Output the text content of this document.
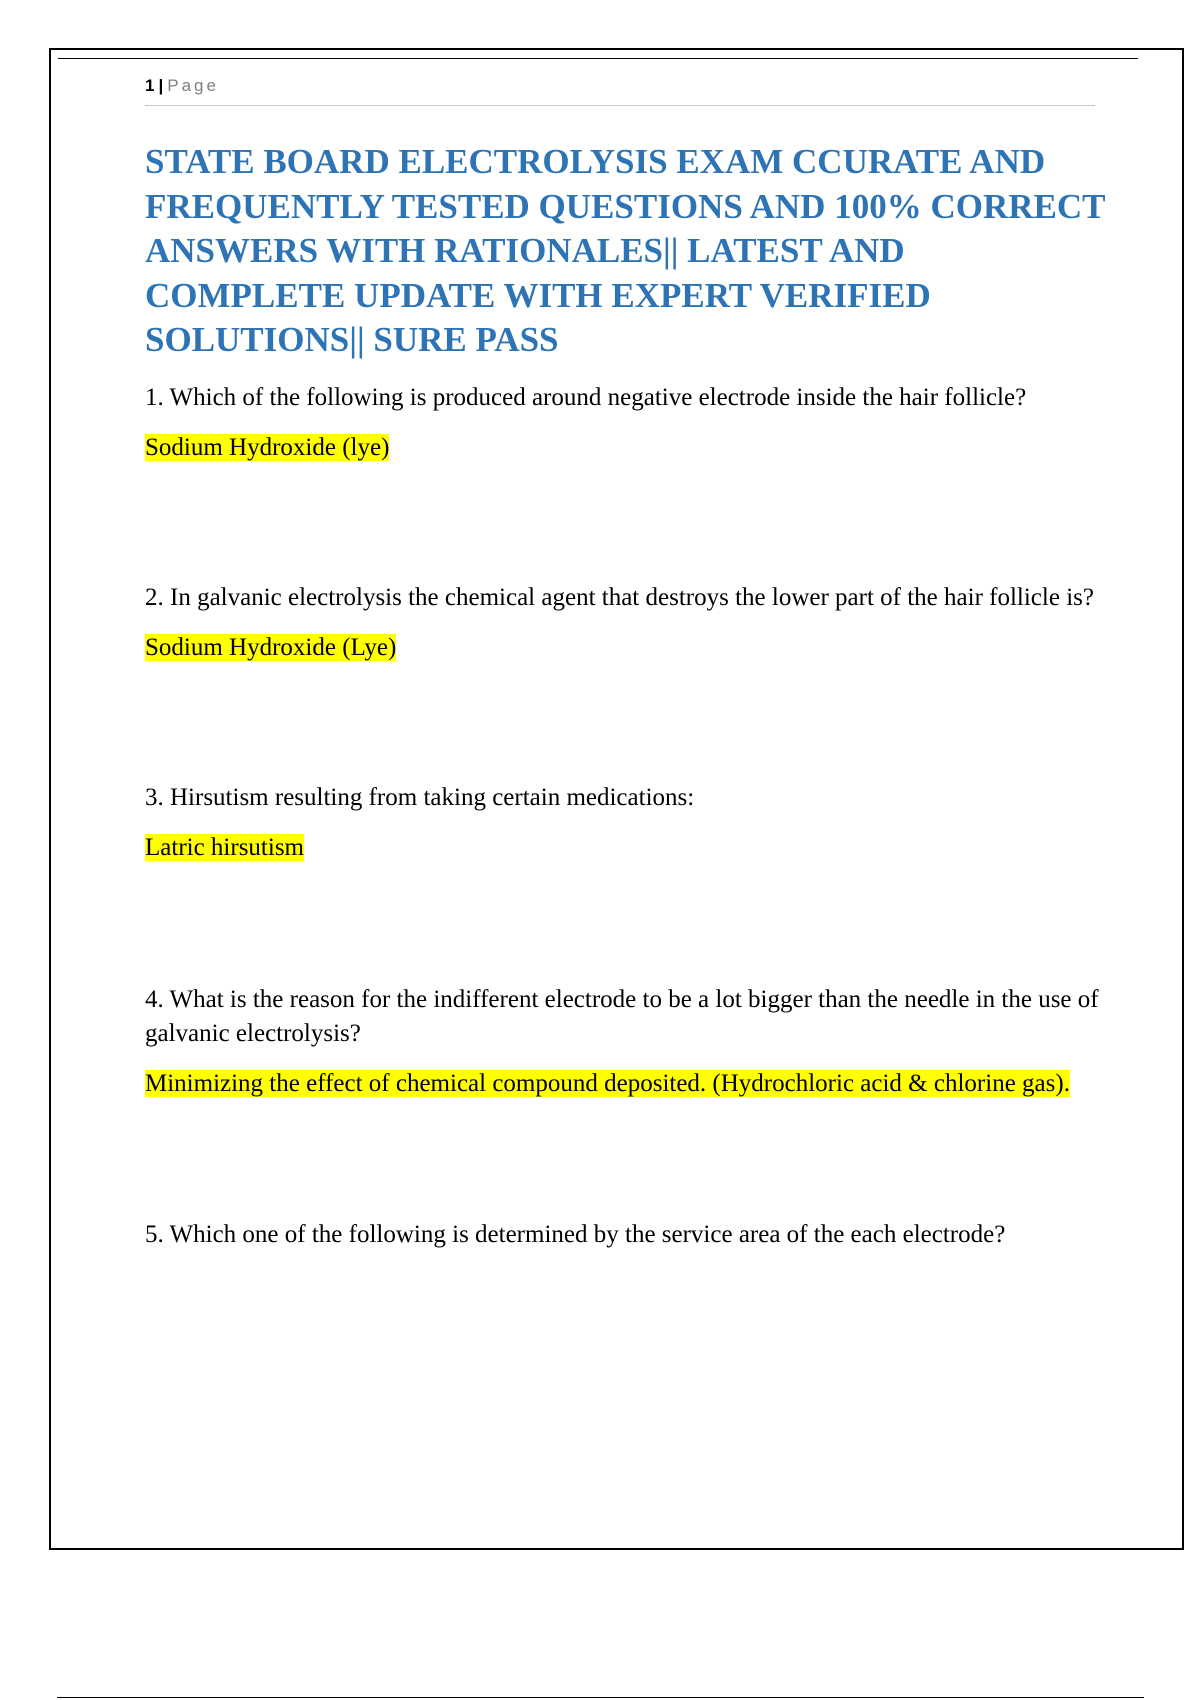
1 | Page
STATE BOARD ELECTROLYSIS EXAM CCURATE AND FREQUENTLY TESTED QUESTIONS AND 100% CORRECT ANSWERS WITH RATIONALES|| LATEST AND COMPLETE UPDATE WITH EXPERT VERIFIED SOLUTIONS|| SURE PASS

1. Which of the following is produced around negative electrode inside the hair follicle?

Sodium Hydroxide (lye)

2. In galvanic electrolysis the chemical agent that destroys the lower part of the hair follicle is?

Sodium Hydroxide (Lye)

3. Hirsutism resulting from taking certain medications:

Latric hirsutism

4. What is the reason for the indifferent electrode to be a lot bigger than the needle in the use of galvanic electrolysis?

Minimizing the effect of chemical compound deposited. (Hydrochloric acid & chlorine gas).

5. Which one of the following is determined by the service area of the each electrode?
